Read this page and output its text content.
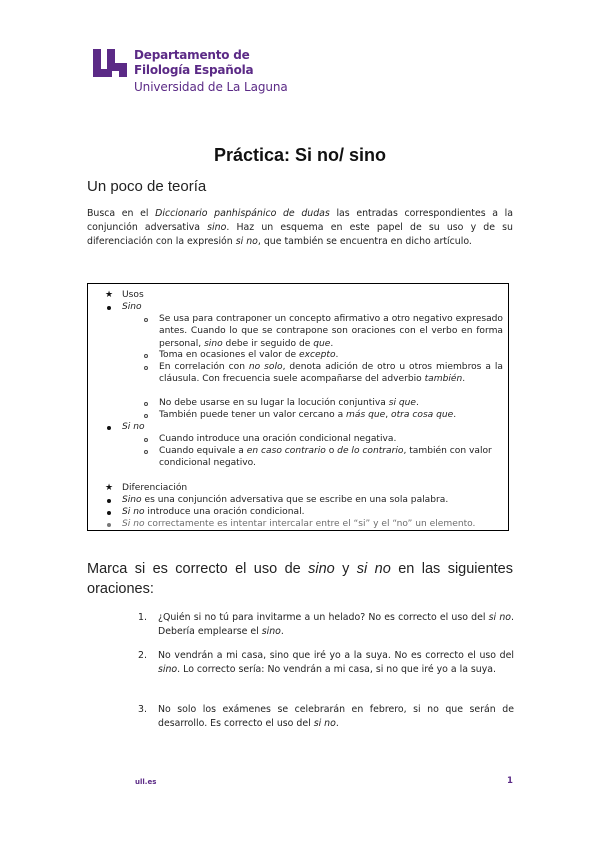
Departamento de
Filología Española
Universidad de La Laguna
Práctica: Si no/ sino
Un poco de teoría

Busca en el Diccionario panhispánico de dudas las entradas correspondientes a la conjunción adversativa sino. Haz un esquema en este papel de su uso y de su diferenciación con la expresión si no, que también se encuentra en dicho artículo.

★ Usos
Sino
Se usa para contraponer un concepto afirmativo a otro negativo expresado antes. Cuando lo que se contrapone son oraciones con el verbo en forma personal, sino debe ir seguido de que.
Toma en ocasiones el valor de excepto.
En correlación con no solo, denota adición de otro u otros miembros a la cláusula. Con frecuencia suele acompañarse del adverbio también.
No debe usarse en su lugar la locución conjuntiva si que.
También puede tener un valor cercano a más que, otra cosa que.
Si no
Cuando introduce una oración condicional negativa.
Cuando equivale a en caso contrario o de lo contrario, también con valor condicional negativo.
★ Diferenciación
Sino es una conjunción adversativa que se escribe en una sola palabra.
Si no introduce una oración condicional.
Si no correctamente es intentar intercalar entre el “si” y el “no” un elemento.

Marca si es correcto el uso de sino y si no en las siguientes oraciones:

1. ¿Quién si no tú para invitarme a un helado? No es correcto el uso del si no. Debería emplearse el sino.
2. No vendrán a mi casa, sino que iré yo a la suya. No es correcto el uso del sino. Lo correcto sería: No vendrán a mi casa, si no que iré yo a la suya.
3. No solo los exámenes se celebrarán en febrero, si no que serán de desarrollo. Es correcto el uso del si no.
ull.es	1
